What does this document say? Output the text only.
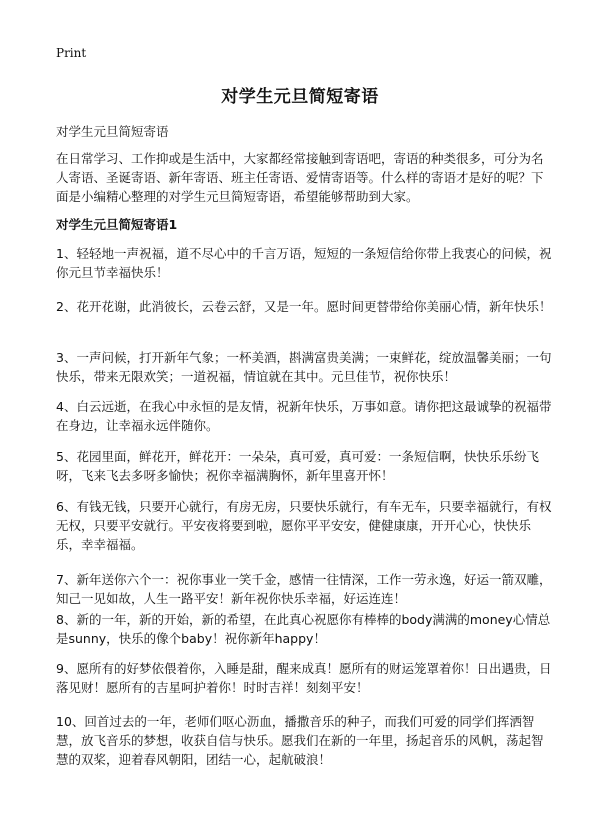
Print
对学生元旦简短寄语
对学生元旦简短寄语
在日常学习、工作抑或是生活中，大家都经常接触到寄语吧，寄语的种类很多，可分为名人寄语、圣诞寄语、新年寄语、班主任寄语、爱情寄语等。什么样的寄语才是好的呢？下面是小编精心整理的对学生元旦简短寄语，希望能够帮助到大家。
对学生元旦简短寄语1
1、轻轻地一声祝福，道不尽心中的千言万语，短短的一条短信给你带上我衷心的问候，祝你元旦节幸福快乐！
2、花开花谢，此消彼长，云卷云舒，又是一年。愿时间更替带给你美丽心情，新年快乐！
3、一声问候，打开新年气象；一杯美酒，斟满富贵美满；一束鲜花，绽放温馨美丽；一句快乐，带来无限欢笑；一道祝福，情谊就在其中。元旦佳节，祝你快乐！
4、白云远逝，在我心中永恒的是友情，祝新年快乐，万事如意。请你把这最诚挚的祝福带在身边，让幸福永远伴随你。
5、花园里面，鲜花开，鲜花开：一朵朵，真可爱，真可爱：一条短信啊，快快乐乐纷飞呀，飞来飞去多呀多愉快；祝你幸福满胸怀，新年里喜开怀！
6、有钱无钱，只要开心就行，有房无房，只要快乐就行，有车无车，只要幸福就行，有权无权，只要平安就行。平安夜将要到啦，愿你平平安安，健健康康，开开心心，快快乐乐，幸幸福福。
7、新年送你六个一：祝你事业一笑千金，感情一往情深，工作一劳永逸，好运一箭双雕，知己一见如故，人生一路平安！新年祝你快乐幸福，好运连连！
8、新的一年，新的开始，新的希望，在此真心祝愿你有棒棒的body满满的money心情总是sunny，快乐的像个baby！祝你新年happy！
9、愿所有的好梦依偎着你，入睡是甜，醒来成真！愿所有的财运笼罩着你！日出遇贵，日落见财！愿所有的吉星呵护着你！时时吉祥！刻刻平安！
10、回首过去的一年，老师们呕心沥血，播撒音乐的种子，而我们可爱的同学们挥洒智慧，放飞音乐的梦想，收获自信与快乐。愿我们在新的一年里，扬起音乐的风帆，荡起智慧的双桨，迎着春风朝阳，团结一心，起航破浪！
